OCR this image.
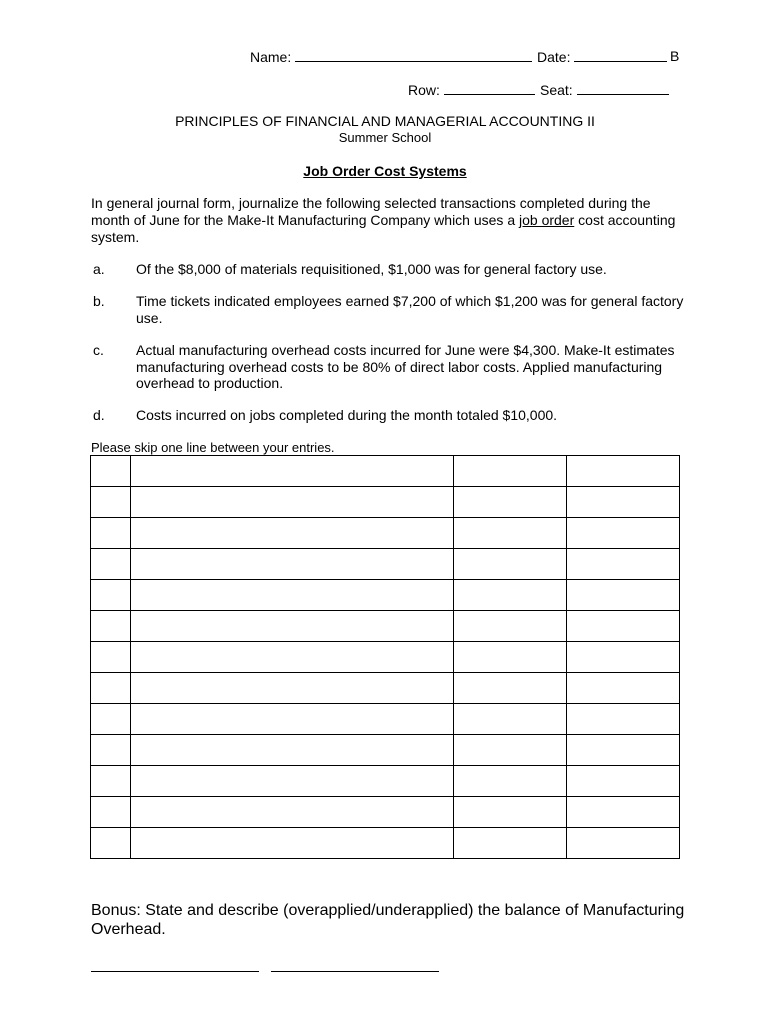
Name:	Date:	B
Row:	Seat:
PRINCIPLES OF FINANCIAL AND MANAGERIAL ACCOUNTING II
Summer School
Job Order Cost Systems
In general journal form, journalize the following selected transactions completed during the month of June for the Make-It Manufacturing Company which uses a job order cost accounting system.
a. Of the $8,000 of materials requisitioned, $1,000 was for general factory use.
b. Time tickets indicated employees earned $7,200 of which $1,200 was for general factory use.
c. Actual manufacturing overhead costs incurred for June were $4,300. Make-It estimates manufacturing overhead costs to be 80% of direct labor costs. Applied manufacturing overhead to production.
d. Costs incurred on jobs completed during the month totaled $10,000.
Please skip one line between your entries.

Bonus: State and describe (overapplied/underapplied) the balance of Manufacturing Overhead.
